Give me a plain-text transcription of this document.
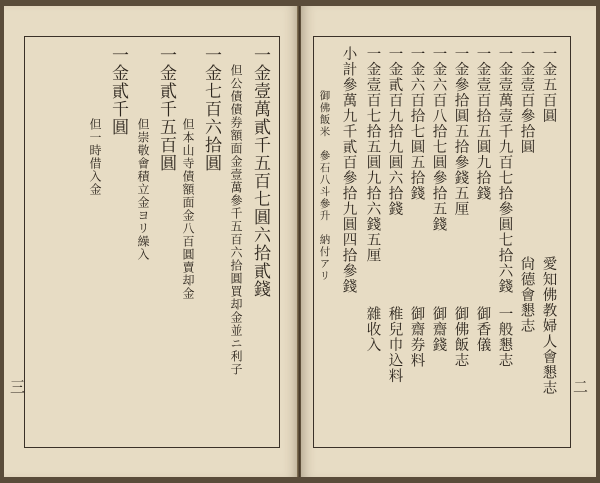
一金壹萬貳千五百七圓六拾貳錢
但公債債券額面金壹萬參千五百六拾圓買却金並ニ利子
一金七百六拾圓
但本山寺債額面金八百圓賣却金
一金貳千五百圓
但崇敬會積立金ヨリ繰入
一金貳千圓
但一時借入金
三
一金五百圓
一金壹百參拾圓
一金壹萬壹千九百七拾參圓七拾六錢
一金壹百拾五圓九拾錢
一金參拾圓五拾參錢五厘
一金六百八拾七圓參拾五錢
一金六百拾七圓五拾錢
一金貳百九拾九圓六拾錢
一金壹百七拾五圓九拾六錢五厘
小計參萬九千貳百參拾九圓四拾參錢
愛知佛教婦人會懇志
尙德會懇志
一般懇志
御香儀
御佛飯志
御齋錢
御齋券料
稚兒巾込料
雜收入
御佛飯米　參石八斗參升　納付アリ
二
